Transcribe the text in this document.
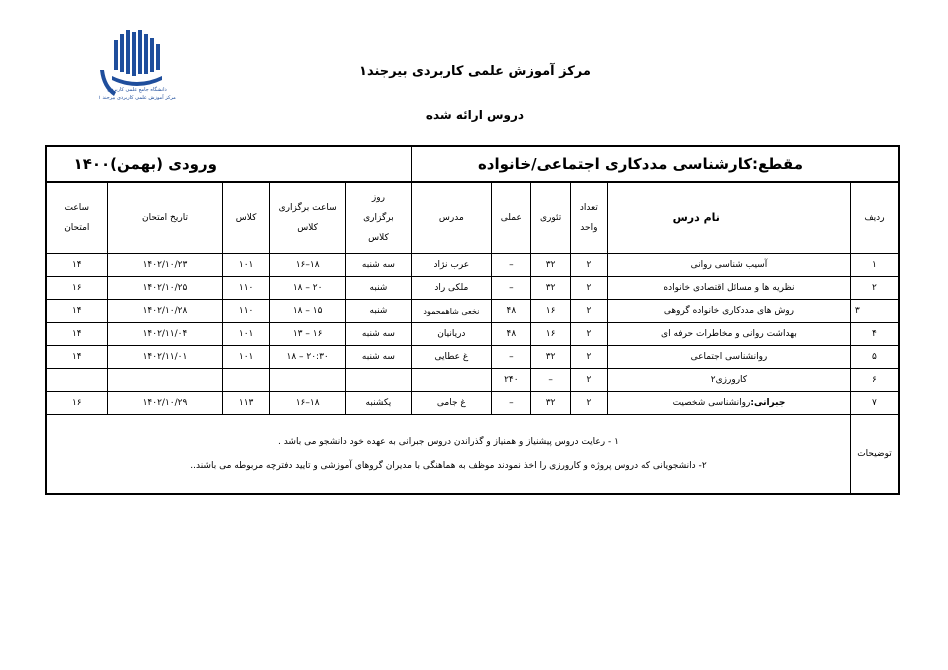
دانشگاه جامع علمی کاربردی
مرکز آموزش علمی کاربردی بیرجند ۱
مرکز آموزش علمی کاربردی بیرجند۱
دروس ارائه شده
مقطع:کارشناسی مددکاری اجتماعی/خانواده						ورودی (بهمن)۱۴۰۰				
ردیف	نام درس	تعداد واحد	تئوری	عملی	مدرس	روز برگزاری کلاس	ساعت برگزاری کلاس	کلاس	تاریخ امتحان	ساعت امتحان
۱	آسیب شناسی روانی	۲	۳۲	–	عرب نژاد	سه شنبه	۱۸–۱۶	۱۰۱	۱۴۰۲/۱۰/۲۳	۱۴
۲	نظریه ها و مسائل اقتصادی خانواده	۲	۳۲	–	ملکی راد	شنبه	۲۰ – ۱۸	۱۱۰	۱۴۰۲/۱۰/۲۵	۱۶
۳	روش های مددکاری خانواده گروهی	۲	۱۶	۴۸	نخعی شاهمحمود	شنبه	۱۵ – ۱۸	۱۱۰	۱۴۰۲/۱۰/۲۸	۱۴
۴	بهداشت روانی و مخاطرات حرفه ای	۲	۱۶	۴۸	دریانیان	سه شنبه	۱۶ – ۱۳	۱۰۱	۱۴۰۲/۱۱/۰۴	۱۴
۵	روانشناسی اجتماعی	۲	۳۲	–	غ عطایی	سه شنبه	۲۰:۳۰ – ۱۸	۱۰۱	۱۴۰۲/۱۱/۰۱	۱۴
۶	کارورزی۲	۲	–	۲۴۰						
۷	جبرانی:روانشناسی شخصیت	۲	۳۲	–	غ جامی	یکشنبه	۱۸–۱۶	۱۱۳	۱۴۰۲/۱۰/۲۹	۱۶
توضیحات	۱ - رعایت دروس پیشنیاز و همنیاز و گذراندن دروس جبرانی به عهده خود دانشجو می باشد .
۲- دانشجویانی که دروس پروژه و کارورزی را اخذ نمودند موظف به هماهنگی با مدیران گروهای آموزشی و تایید دفترچه مربوطه می باشند..									
